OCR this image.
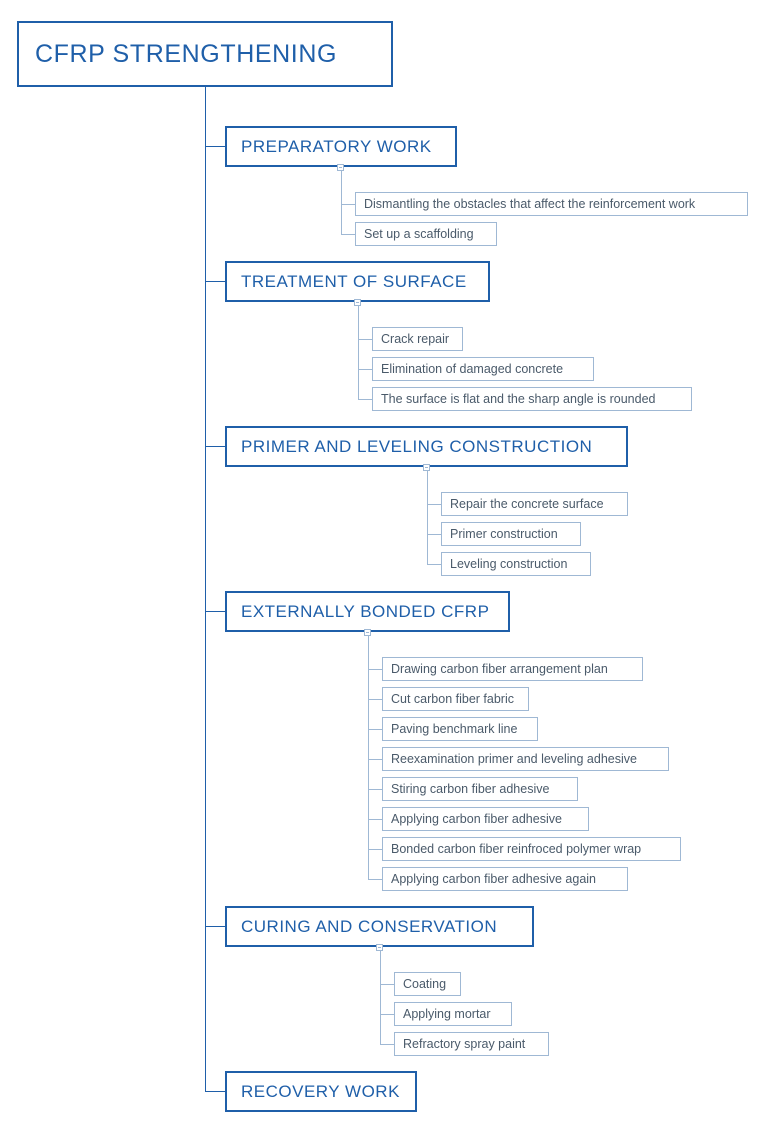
CFRP STRENGTHENING
PREPARATORY WORK
Dismantling the obstacles that affect the reinforcement work
Set up a scaffolding
TREATMENT OF SURFACE
Crack repair
Elimination of damaged concrete
The surface is flat and the sharp angle is rounded
PRIMER AND LEVELING CONSTRUCTION
Repair the concrete surface
Primer construction
Leveling construction
EXTERNALLY BONDED CFRP
Drawing carbon fiber arrangement plan
Cut carbon fiber fabric
Paving benchmark line
Reexamination primer and leveling adhesive
Stiring carbon fiber adhesive
Applying carbon fiber adhesive
Bonded carbon fiber reinfroced polymer wrap
Applying carbon fiber adhesive again
CURING AND CONSERVATION
Coating
Applying mortar
Refractory spray paint
RECOVERY WORK
